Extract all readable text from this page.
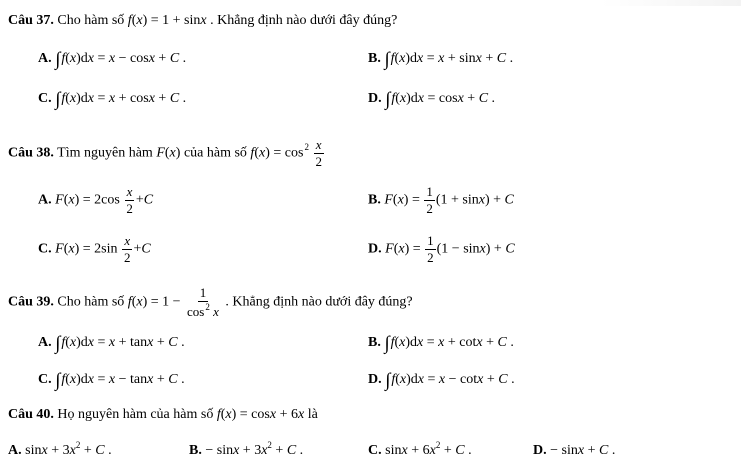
Câu 37. Cho hàm số f(x) = 1 + sinx . Khẳng định nào dưới đây đúng?
A. ∫f(x)dx = x − cosx + C .	B. ∫f(x)dx = x + sinx + C .
C. ∫f(x)dx = x + cosx + C .	D. ∫f(x)dx = cosx + C .
Câu 38. Tìm nguyên hàm F(x) của hàm số $f(x) = \cos^2 \frac{x}{2}$
A. $F(x) = 2\cos \frac{x}{2} +C$	B. $F(x) = \frac{1}{2} (1 + \sin x) + C$
C. $F(x) = 2\sin \frac{x}{2} +C$	D. $F(x) = \frac{1}{2} (1 - \sin x) + C$
Câu 39. Cho hàm số $f(x) = 1 - \frac{1}{\cos^2 x}$ . Khẳng định nào dưới đây đúng?
A. ∫f(x)dx = x + tanx + C .	B. ∫f(x)dx = x + cotx + C .
C. ∫f(x)dx = x − tanx + C .	D. ∫f(x)dx = x − cotx + C .
Câu 40. Họ nguyên hàm của hàm số f(x) = cosx + 6x là
A. $\sin x + 3x^2 + C$ .	B. − $\sin x + 3x^2 + C$ .	C. $\sin x + 6x^2 + C$ .	D. − sinx + C .
